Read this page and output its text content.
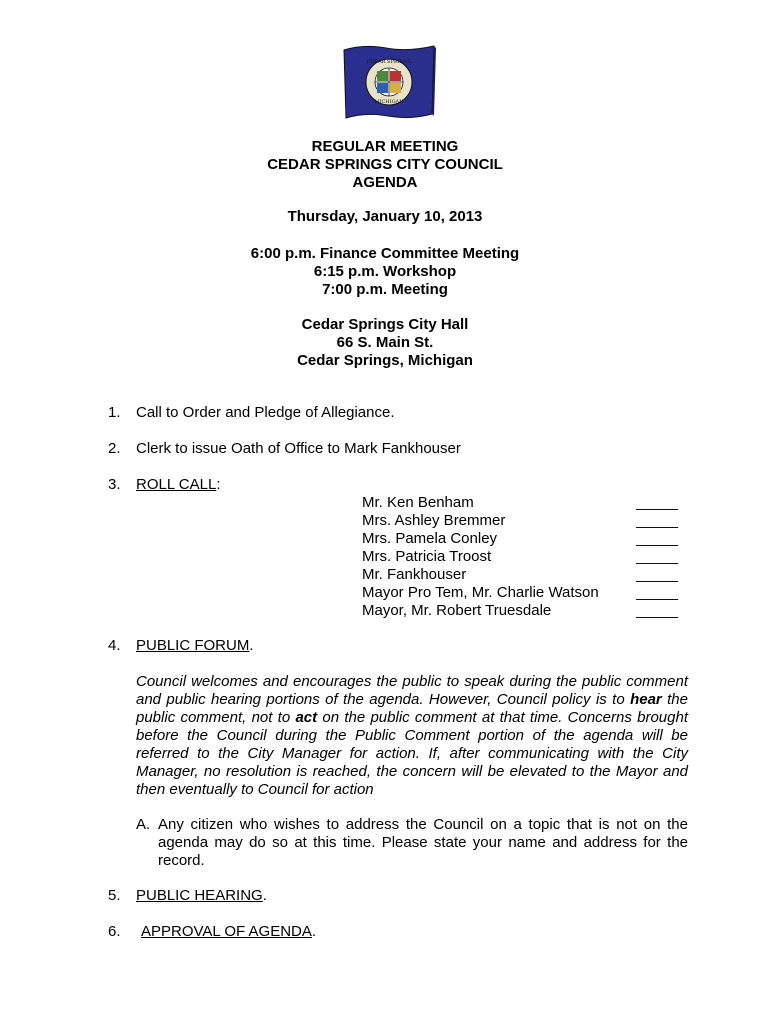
CEDAR SPRINGS
MICHIGAN
REGULAR MEETING
CEDAR SPRINGS CITY COUNCIL
AGENDA
Thursday, January 10, 2013
6:00 p.m. Finance Committee Meeting
6:15 p.m. Workshop
7:00 p.m. Meeting
Cedar Springs City Hall
66 S. Main St.
Cedar Springs, Michigan
1. Call to Order and Pledge of Allegiance.
2. Clerk to issue Oath of Office to Mark Fankhouser
3. ROLL CALL:
Mr. Ken Benham	_____
Mrs. Ashley Bremmer	_____
Mrs. Pamela Conley	_____
Mrs. Patricia Troost	_____
Mr. Fankhouser	_____
Mayor Pro Tem, Mr. Charlie Watson	_____
Mayor, Mr. Robert Truesdale	_____
4. PUBLIC FORUM.
Council welcomes and encourages the public to speak during the public comment and public hearing portions of the agenda. However, Council policy is to hear the public comment, not to act on the public comment at that time. Concerns brought before the Council during the Public Comment portion of the agenda will be referred to the City Manager for action. If, after communicating with the City Manager, no resolution is reached, the concern will be elevated to the Mayor and then eventually to Council for action
A. Any citizen who wishes to address the Council on a topic that is not on the agenda may do so at this time. Please state your name and address for the record.
5. PUBLIC HEARING.
6. APPROVAL OF AGENDA.
